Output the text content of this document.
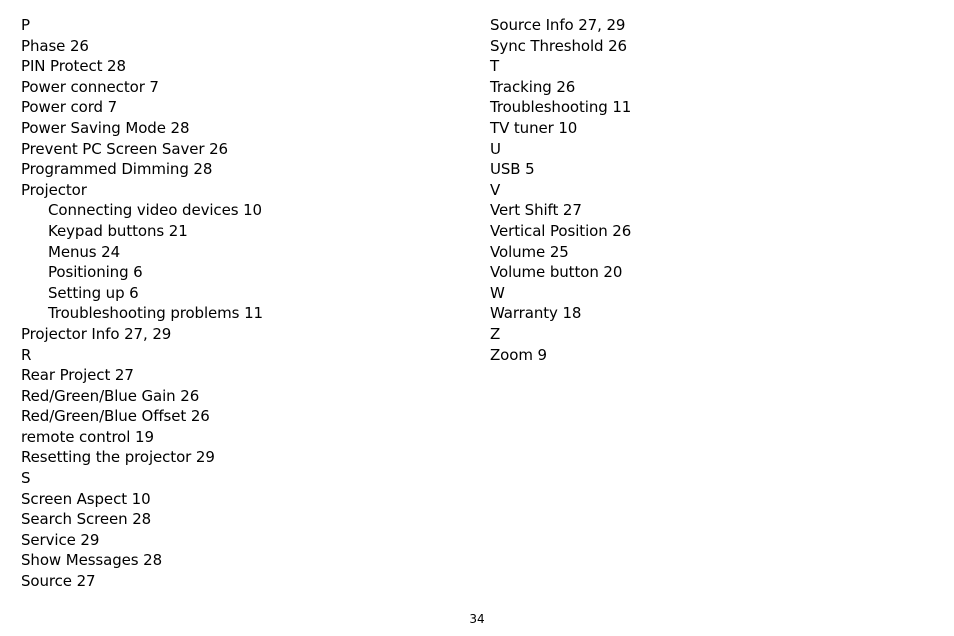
P
Phase 26
PIN Protect 28
Power connector 7
Power cord 7
Power Saving Mode 28
Prevent PC Screen Saver 26
Programmed Dimming 28
Projector
Connecting video devices 10
Keypad buttons 21
Menus 24
Positioning 6
Setting up 6
Troubleshooting problems 11
Projector Info 27, 29
R
Rear Project 27
Red/Green/Blue Gain 26
Red/Green/Blue Offset 26
remote control 19
Resetting the projector 29
S
Screen Aspect 10
Search Screen 28
Service 29
Show Messages 28
Source 27
Source Info 27, 29
Sync Threshold 26
T
Tracking 26
Troubleshooting 11
TV tuner 10
U
USB 5
V
Vert Shift 27
Vertical Position 26
Volume 25
Volume button 20
W
Warranty 18
Z
Zoom 9
34
